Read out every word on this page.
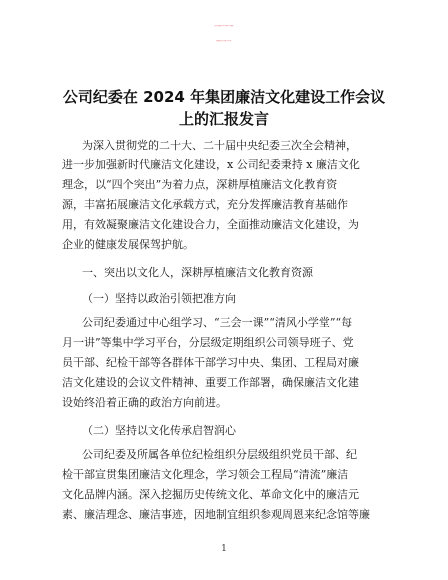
公司纪委在 2024 年集团廉洁文化建设工作会议
上的汇报发言
为深入贯彻党的二十大、二十届中央纪委三次全会精神，
进一步加强新时代廉洁文化建设，x 公司纪委秉持 x 廉洁文化
理念，以“四个突出”为着力点，深耕厚植廉洁文化教育资
源，丰富拓展廉洁文化承载方式，充分发挥廉洁教育基础作
用，有效凝聚廉洁文化建设合力，全面推动廉洁文化建设，为
企业的健康发展保驾护航。
一、突出以文化人，深耕厚植廉洁文化教育资源
（一）坚持以政治引领把准方向
公司纪委通过中心组学习、“三会一课”“清风小学堂”“每
月一讲”等集中学习平台，分层级定期组织公司领导班子、党
员干部、纪检干部等各群体干部学习中央、集团、工程局对廉
洁文化建设的会议文件精神、重要工作部署，确保廉洁文化建
设始终沿着正确的政治方向前进。
（二）坚持以文化传承启智润心
公司纪委及所属各单位纪检组织分层级组织党员干部、纪
检干部宣贯集团廉洁文化理念，学习领会工程局“清流”廉洁
文化品牌内涵。深入挖掘历史传统文化、革命文化中的廉洁元
素、廉洁理念、廉洁事迹，因地制宜组织参观周恩来纪念馆等廉
1
